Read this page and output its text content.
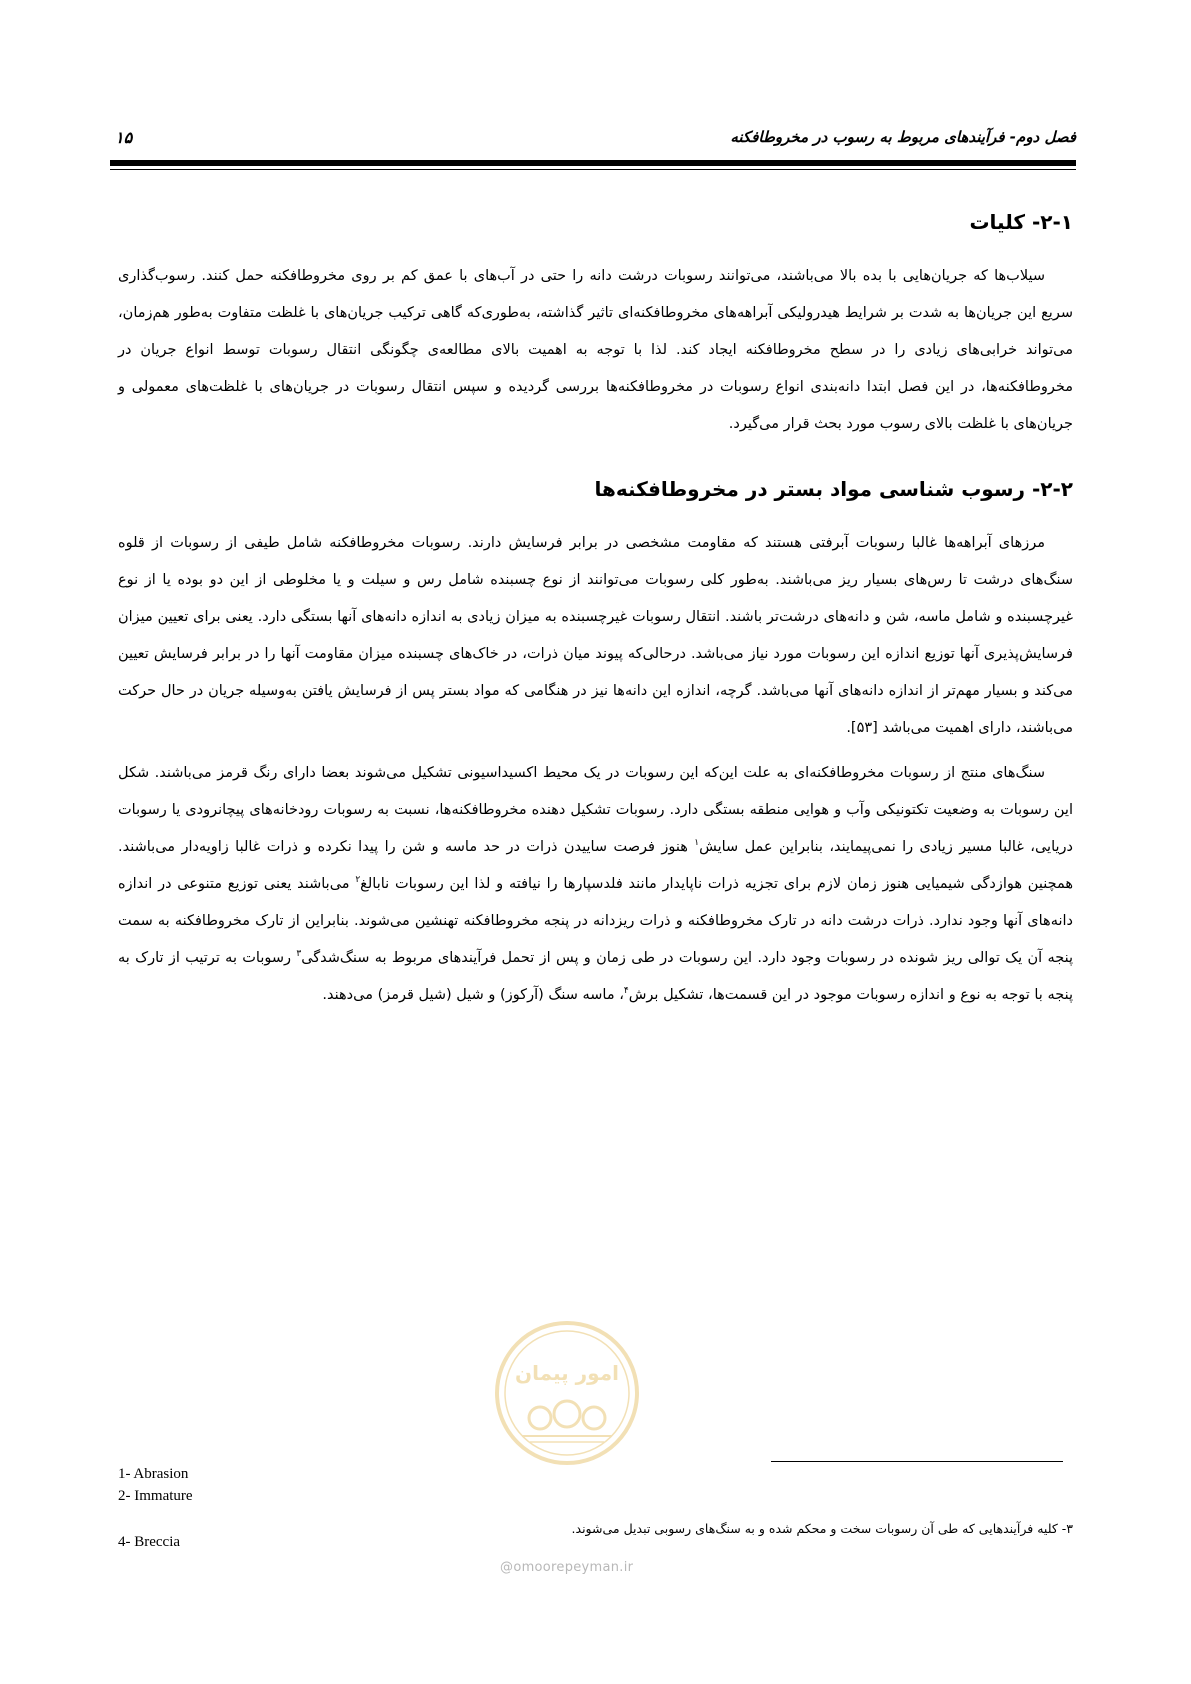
فصل دوم- فرآیندهای مربوط به رسوب در مخروطافکنه
۱۵
۲-۱- کلیات

سیلاب‌ها که جریان‌هایی با بده بالا می‌باشند، می‌توانند رسوبات درشت دانه را حتی در آب‌های با عمق کم بر روی مخروطافکنه حمل کنند. رسوب‌گذاری سریع این جریان‌ها به شدت بر شرایط هیدرولیکی آبراهه‌های مخروطافکنه‌ای تاثیر گذاشته، به‌طوری‌که گاهی ترکیب جریان‌های با غلظت متفاوت به‌طور هم‌زمان، می‌تواند خرابی‌های زیادی را در سطح مخروطافکنه ایجاد کند. لذا با توجه به اهمیت بالای مطالعه‌ی چگونگی انتقال رسوبات توسط انواع جریان در مخروطافکنه‌ها، در این فصل ابتدا دانه‌بندی انواع رسوبات در مخروطافکنه‌ها بررسی گردیده و سپس انتقال رسوبات در جریان‌های با غلظت‌های معمولی و جریان‌های با غلظت بالای رسوب مورد بحث قرار می‌گیرد.

۲-۲- رسوب شناسی مواد بستر در مخروطافکنه‌ها

مرزهای آبراهه‌ها غالبا رسوبات آبرفتی هستند که مقاومت مشخصی در برابر فرسایش دارند. رسوبات مخروطافکنه شامل طیفی از رسوبات از قلوه سنگ‌های درشت تا رس‌های بسیار ریز می‌باشند. به‌طور کلی رسوبات می‌توانند از نوع چسبنده شامل رس و سیلت و یا مخلوطی از این دو بوده یا از نوع غیرچسبنده و شامل ماسه، شن و دانه‌های درشت‌تر باشند. انتقال رسوبات غیرچسبنده به میزان زیادی به اندازه دانه‌های آنها بستگی دارد. یعنی برای تعیین میزان فرسایش‌پذیری آنها توزیع اندازه این رسوبات مورد نیاز می‌باشد. درحالی‌که پیوند میان ذرات، در خاک‌های چسبنده میزان مقاومت آنها را در برابر فرسایش تعیین می‌کند و بسیار مهم‌تر از اندازه دانه‌های آنها می‌باشد. گرچه، اندازه این دانه‌ها نیز در هنگامی که مواد بستر پس از فرسایش یافتن به‌وسیله جریان در حال حرکت می‌باشند، دارای اهمیت می‌باشد [۵۳].

سنگ‌های منتج از رسوبات مخروطافکنه‌ای به علت این‌که این رسوبات در یک محیط اکسیداسیونی تشکیل می‌شوند بعضا دارای رنگ قرمز می‌باشند. شکل این رسوبات به وضعیت تکتونیکی وآب و هوایی منطقه بستگی دارد. رسوبات تشکیل دهنده مخروطافکنه‌ها، نسبت به رسوبات رودخانه‌های پیچانرودی یا رسوبات دریایی، غالبا مسیر زیادی را نمی‌پیمایند، بنابراین عمل سایش$^۱$ هنوز فرصت ساییدن ذرات در حد ماسه و شن را پیدا نکرده و ذرات غالبا زاویه‌دار می‌باشند. همچنین هوازدگی شیمیایی هنوز زمان لازم برای تجزیه ذرات ناپایدار مانند فلدسپارها را نیافته و لذا این رسوبات نابالغ$^۲$ می‌باشند یعنی توزیع متنوعی در اندازه دانه‌های آنها وجود ندارد. ذرات درشت دانه در تارک مخروطافکنه و ذرات ریزدانه در پنجه مخروطافکنه تهنشین می‌شوند. بنابراین از تارک مخروطافکنه به سمت پنجه آن یک توالی ریز شونده در رسوبات وجود دارد. این رسوبات در طی زمان و پس از تحمل فرآیندهای مربوط به سنگ‌شدگی$^۳$ رسوبات به ترتیب از تارک به پنجه با توجه به نوع و اندازه رسوبات موجود در این قسمت‌ها، تشکیل برش$^۴$، ماسه سنگ (آرکوز) و شیل (شیل قرمز) می‌دهند.

امور پیمان
1- Abrasion
2- Immature
۳- کلیه فرآیندهایی که طی آن رسوبات سخت و محکم شده و به سنگ‌های رسوبی تبدیل می‌شوند.
4- Breccia
@omoorepeyman.ir
